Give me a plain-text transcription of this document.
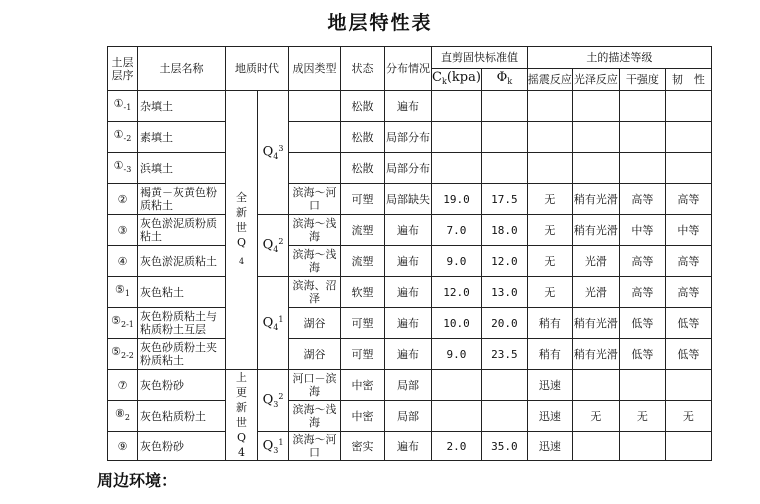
地层特性表
土层
层序	土层名称	地质时代		成因类型	状态	分布情况	直剪固快标准值		土的描述等级			
							$C_k(kpa)$	$\Phi_k$	摇震反应	光泽反应	干强度	韧　性
$①_{-1}$	杂填土	全新世$Q_4$	$Q_4^3$		松散	遍布						
$①_{-2}$	素填土				松散	局部分布						
$①_{-3}$	浜填土				松散	局部分布						
②	褐黄－灰黄色粉质粘土			滨海～河口	可塑	局部缺失	19.0	17.5	无	稍有光滑	高等	高等
③	灰色淤泥质粉质粘土		$Q_4^2$	滨海～浅海	流塑	遍布	7.0	18.0	无	稍有光滑	中等	中等
④	灰色淤泥质粘土			滨海～浅海	流塑	遍布	9.0	12.0	无	光滑	高等	高等
$⑤_1$	灰色粘土		$Q_4^1$	滨海、沼泽	软塑	遍布	12.0	13.0	无	光滑	高等	高等
$⑤_{2-1}$	灰色粉质粘土与粘质粉土互层			湖谷	可塑	遍布	10.0	20.0	稍有	稍有光滑	低等	低等
$⑤_{2-2}$	灰色砂质粉土夹粉质粘土			湖谷	可塑	遍布	9.0	23.5	稍有	稍有光滑	低等	低等
⑦	灰色粉砂	上更新世Q4	$Q_3^2$	河口－滨海	中密	局部			迅速			
$⑧_2$	灰色粘质粉土			滨海～浅海	中密	局部			迅速	无	无	无
⑨	灰色粉砂		$Q_3^1$	滨海～河口	密实	遍布	2.0	35.0	迅速			
周边环境：
